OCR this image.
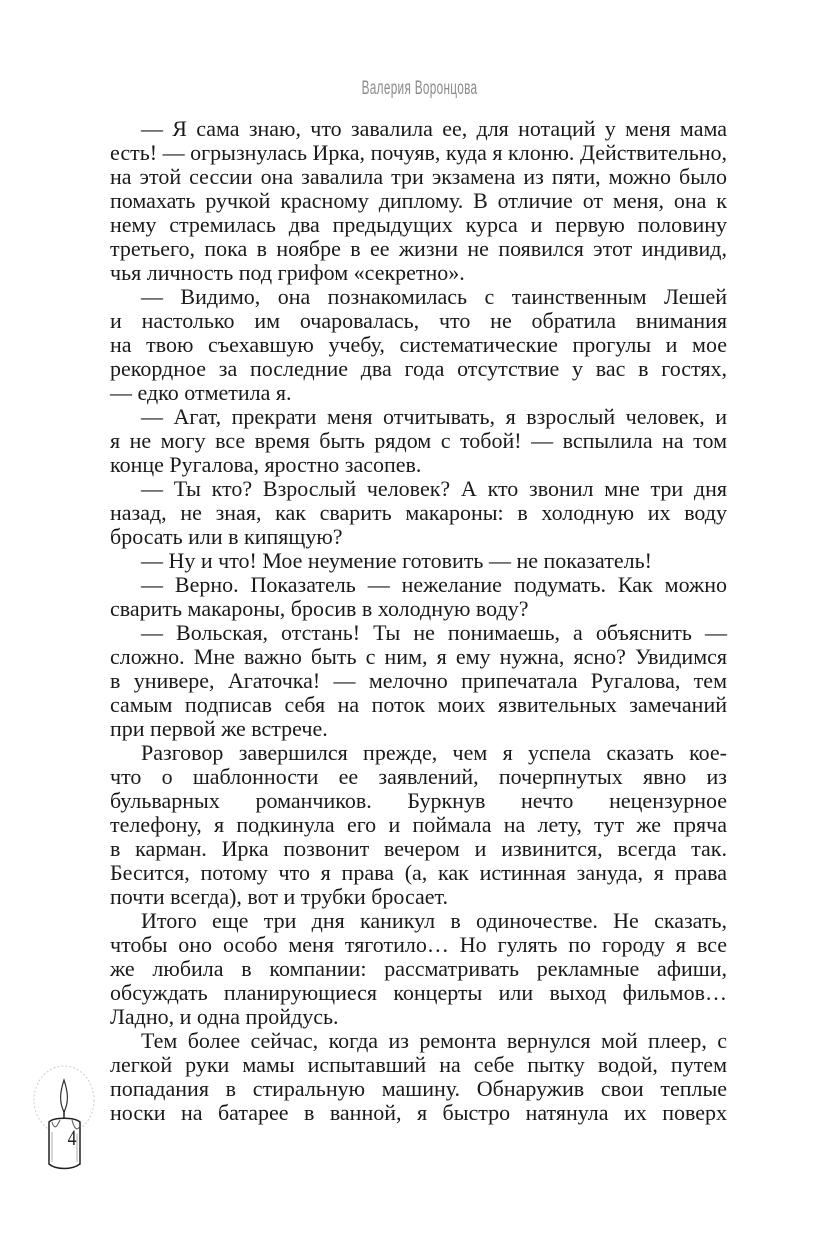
Валерия Воронцова
— Я сама знаю, что завалила ее, для нотаций у меня мама
есть! — огрызнулась Ирка, почуяв, куда я клоню. Действительно,
на этой сессии она завалила три экзамена из пяти, можно было
помахать ручкой красному диплому. В отличие от меня, она к
нему стремилась два предыдущих курса и первую половину
третьего, пока в ноябре в ее жизни не появился этот индивид,
чья личность под грифом «секретно».
— Видимо, она познакомилась с таинственным Лешей
и настолько им очаровалась, что не обратила внимания
на твою съехавшую учебу, систематические прогулы и мое
рекордное за последние два года отсутствие у вас в гостях,
— едко отметила я.
— Агат, прекрати меня отчитывать, я взрослый человек, и
я не могу все время быть рядом с тобой! — вспылила на том
конце Ругалова, яростно засопев.
— Ты кто? Взрослый человек? А кто звонил мне три дня
назад, не зная, как сварить макароны: в холодную их воду
бросать или в кипящую?
— Ну и что! Мое неумение готовить — не показатель!
— Верно. Показатель — нежелание подумать. Как можно
сварить макароны, бросив в холодную воду?
— Вольская, отстань! Ты не понимаешь, а объяснить —
сложно. Мне важно быть с ним, я ему нужна, ясно? Увидимся
в универе, Агаточка! — мелочно припечатала Ругалова, тем
самым подписав себя на поток моих язвительных замечаний
при первой же встрече.
Разговор завершился прежде, чем я успела сказать кое-
что о шаблонности ее заявлений, почерпнутых явно из
бульварных романчиков. Буркнув нечто нецензурное
телефону, я подкинула его и поймала на лету, тут же пряча
в карман. Ирка позвонит вечером и извинится, всегда так.
Бесится, потому что я права (а, как истинная зануда, я права
почти всегда), вот и трубки бросает.
Итого еще три дня каникул в одиночестве. Не сказать,
чтобы оно особо меня тяготило… Но гулять по городу я все
же любила в компании: рассматривать рекламные афиши,
обсуждать планирующиеся концерты или выход фильмов…
Ладно, и одна пройдусь.
Тем более сейчас, когда из ремонта вернулся мой плеер, с
легкой руки мамы испытавший на себе пытку водой, путем
попадания в стиральную машину. Обнаружив свои теплые
носки на батарее в ванной, я быстро натянула их поверх
4
